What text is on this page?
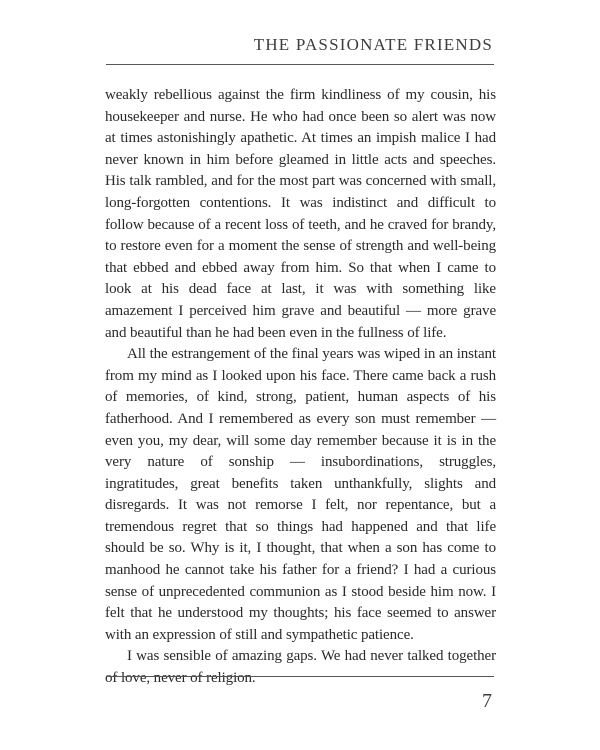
THE PASSIONATE FRIENDS

weakly rebellious against the firm kindliness of my cousin, his housekeeper and nurse. He who had once been so alert was now at times astonishingly apathetic. At times an impish malice I had never known in him before gleamed in little acts and speeches. His talk rambled, and for the most part was concerned with small, long-forgotten contentions. It was indistinct and difficult to follow because of a recent loss of teeth, and he craved for brandy, to restore even for a moment the sense of strength and well-being that ebbed and ebbed away from him. So that when I came to look at his dead face at last, it was with something like amazement I perceived him grave and beautiful — more grave and beautiful than he had been even in the fullness of life.

All the estrangement of the final years was wiped in an instant from my mind as I looked upon his face. There came back a rush of memories, of kind, strong, patient, human aspects of his fatherhood. And I remembered as every son must remember — even you, my dear, will some day remember because it is in the very nature of sonship — insubordinations, struggles, ingratitudes, great benefits taken unthankfully, slights and disregards. It was not remorse I felt, nor repentance, but a tremendous regret that so things had happened and that life should be so. Why is it, I thought, that when a son has come to manhood he cannot take his father for a friend? I had a curious sense of unprecedented communion as I stood beside him now. I felt that he understood my thoughts; his face seemed to answer with an expression of still and sympathetic patience.

I was sensible of amazing gaps. We had never talked together of love, never of religion.

7
